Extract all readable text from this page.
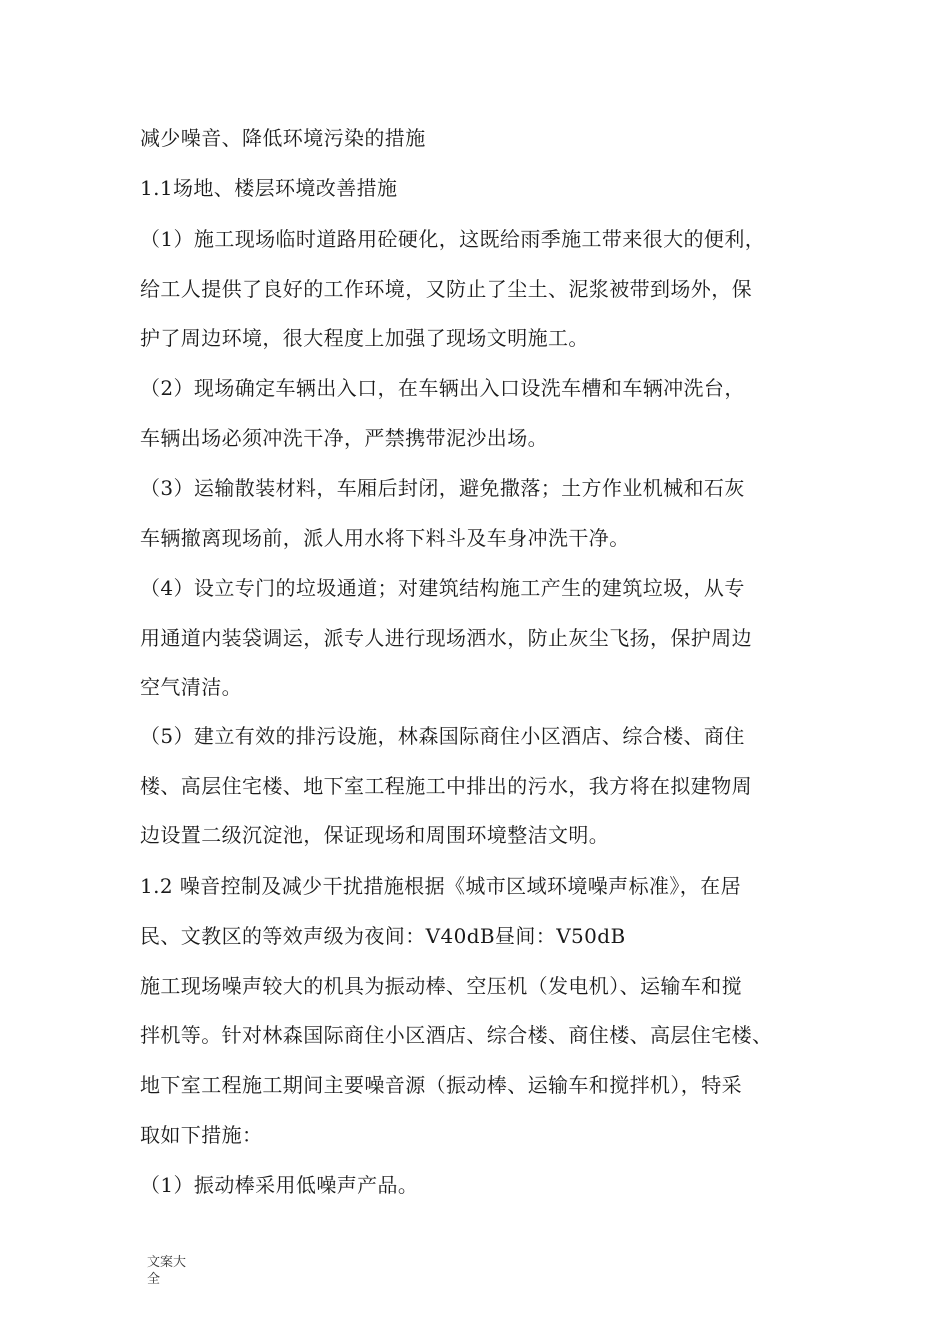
减少噪音、降低环境污染的措施

1.1场地、楼层环境改善措施

（1）施工现场临时道路用砼硬化，这既给雨季施工带来很大的便利，

给工人提供了良好的工作环境，又防止了尘土、泥浆被带到场外，保

护了周边环境，很大程度上加强了现场文明施工。

（2）现场确定车辆出入口，在车辆出入口设洗车槽和车辆冲洗台，

车辆出场必须冲洗干净，严禁携带泥沙出场。

（3）运输散装材料，车厢后封闭，避免撒落；土方作业机械和石灰

车辆撤离现场前，派人用水将下料斗及车身冲洗干净。

（4）设立专门的垃圾通道；对建筑结构施工产生的建筑垃圾，从专

用通道内装袋调运，派专人进行现场洒水，防止灰尘飞扬，保护周边

空气清洁。

（5）建立有效的排污设施，林森国际商住小区酒店、综合楼、商住

楼、高层住宅楼、地下室工程施工中排出的污水，我方将在拟建物周

边设置二级沉淀池，保证现场和周围环境整洁文明。

1.2 噪音控制及减少干扰措施根据《城市区域环境噪声标准》，在居

民、文教区的等效声级为夜间：V40dB昼间：V50dB

施工现场噪声较大的机具为振动棒、空压机（发电机）、运输车和搅

拌机等。针对林森国际商住小区酒店、综合楼、商住楼、高层住宅楼、

地下室工程施工期间主要噪音源（振动棒、运输车和搅拌机），特采

取如下措施：

（1）振动棒采用低噪声产品。

文案大全
